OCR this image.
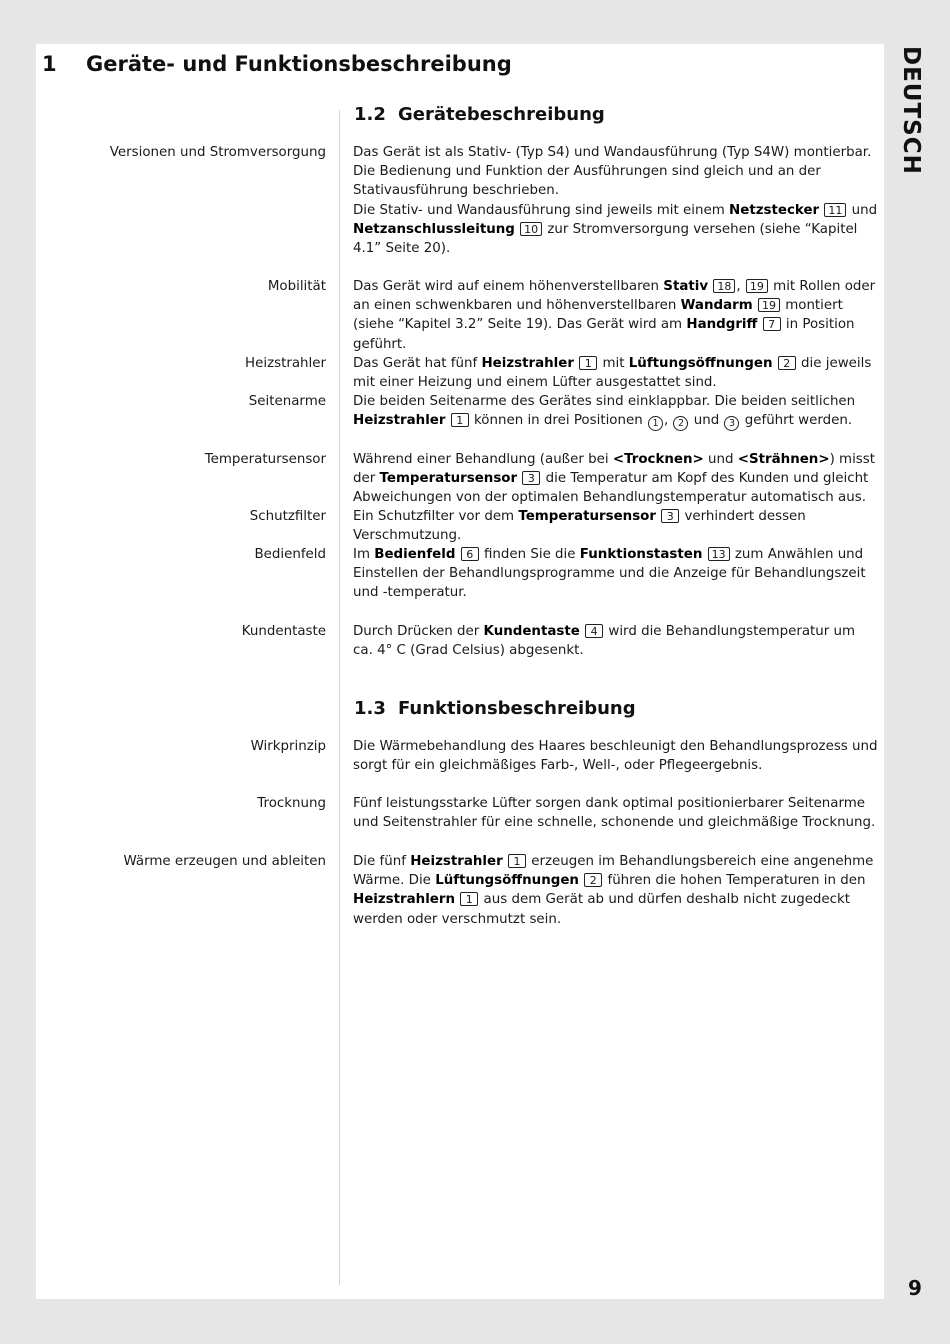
1 Geräte- und Funktionsbeschreibung
1.2 Gerätebeschreibung
Versionen und Stromversorgung Das Gerät ist als Stativ- (Typ S4) und Wandausführung (Typ S4W) montierbar. Die Bedienung und Funktion der Ausführungen sind gleich und an der Stativausführung beschrieben.
Die Stativ- und Wandausführung sind jeweils mit einem Netzstecker 11 und Netzanschlussleitung 10 zur Stromversorgung versehen (siehe “Kapitel 4.1” Seite 20).
Mobilität Das Gerät wird auf einem höhenverstellbaren Stativ 18 , 19 mit Rollen oder an einen schwenkbaren und höhenverstellbaren Wandarm 19 montiert (siehe “Kapitel 3.2” Seite 19). Das Gerät wird am Handgriff 7 in Position geführt.
Heizstrahler Das Gerät hat fünf Heizstrahler 1 mit Lüftungsöffnungen 2 die jeweils mit einer Heizung und einem Lüfter ausgestattet sind.
Seitenarme Die beiden Seitenarme des Gerätes sind einklappbar. Die beiden seitlichen Heizstrahler 1 können in drei Positionen 1 , 2 und 3 geführt werden.
Temperatursensor Während einer Behandlung (außer bei <Trocknen> und <Strähnen>) misst der Temperatursensor 3 die Temperatur am Kopf des Kunden und gleicht Abweichungen von der optimalen Behandlungstemperatur automatisch aus.
Schutzfilter Ein Schutzfilter vor dem Temperatursensor 3 verhindert dessen Verschmutzung.
Bedienfeld Im Bedienfeld 6 finden Sie die Funktionstasten 13 zum Anwählen und Einstellen der Behandlungsprogramme und die Anzeige für Behandlungszeit und -temperatur.
Kundentaste Durch Drücken der Kundentaste 4 wird die Behandlungstemperatur um ca. 4° C (Grad Celsius) abgesenkt.
1.3 Funktionsbeschreibung
Wirkprinzip Die Wärmebehandlung des Haares beschleunigt den Behandlungsprozess und sorgt für ein gleichmäßiges Farb-, Well-, oder Pflegeergebnis.
Trocknung Fünf leistungsstarke Lüfter sorgen dank optimal positionierbarer Seitenarme und Seitenstrahler für eine schnelle, schonende und gleichmäßige Trocknung.
Wärme erzeugen und ableiten Die fünf Heizstrahler 1 erzeugen im Behandlungsbereich eine angenehme Wärme. Die Lüftungsöffnungen 2 führen die hohen Temperaturen in den Heizstrahlern 1 aus dem Gerät ab und dürfen deshalb nicht zugedeckt werden oder verschmutzt sein.
DEUTSCH
9
